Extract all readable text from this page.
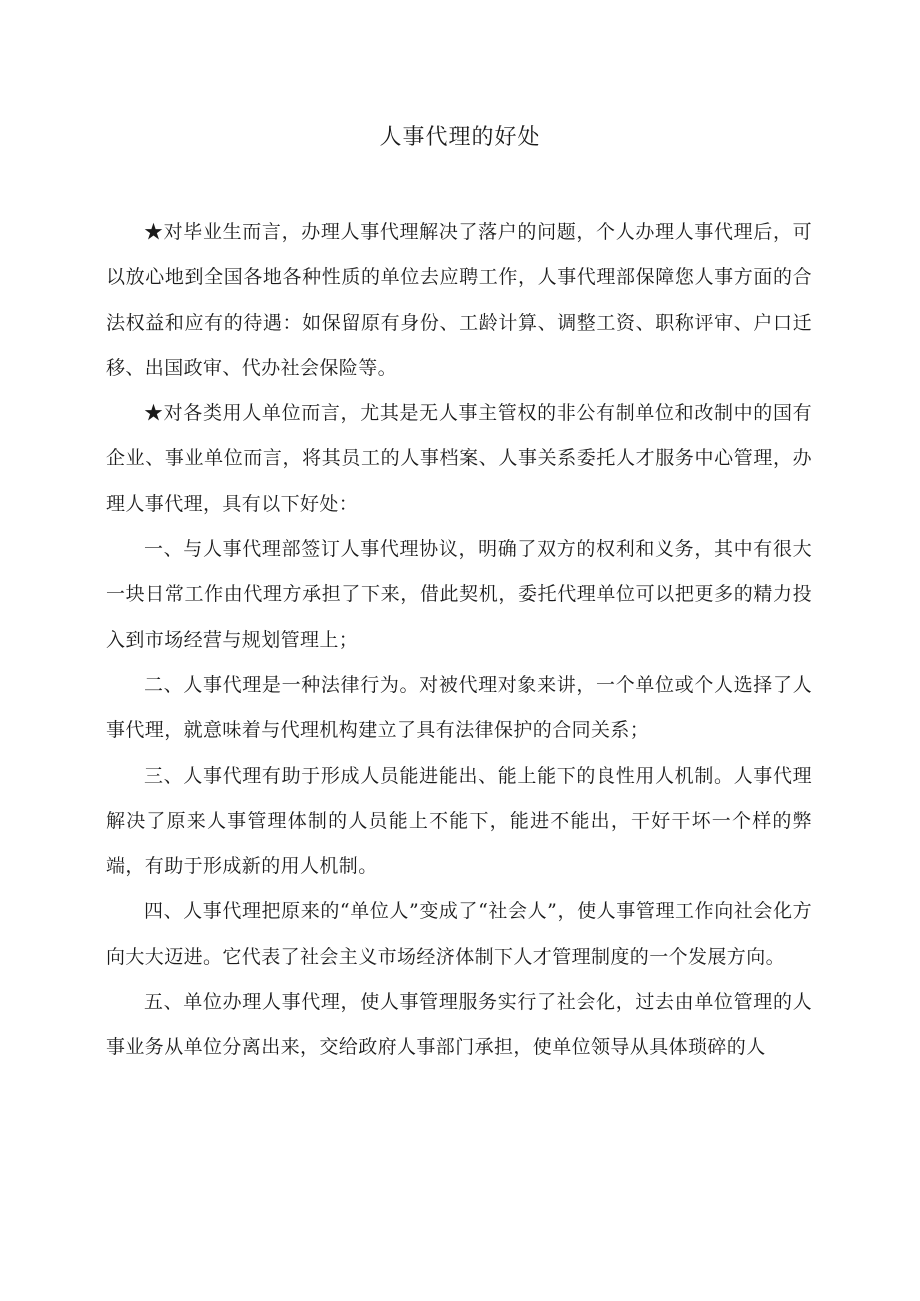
人事代理的好处

★对毕业生而言，办理人事代理解决了落户的问题，个人办理人事代理后，可以放心地到全国各地各种性质的单位去应聘工作，人事代理部保障您人事方面的合法权益和应有的待遇：如保留原有身份、工龄计算、调整工资、职称评审、户口迁移、出国政审、代办社会保险等。

★对各类用人单位而言，尤其是无人事主管权的非公有制单位和改制中的国有企业、事业单位而言，将其员工的人事档案、人事关系委托人才服务中心管理，办理人事代理，具有以下好处：

一、与人事代理部签订人事代理协议，明确了双方的权利和义务，其中有很大一块日常工作由代理方承担了下来，借此契机，委托代理单位可以把更多的精力投入到市场经营与规划管理上；

二、人事代理是一种法律行为。对被代理对象来讲，一个单位或个人选择了人事代理，就意味着与代理机构建立了具有法律保护的合同关系；

三、人事代理有助于形成人员能进能出、能上能下的良性用人机制。人事代理解决了原来人事管理体制的人员能上不能下，能进不能出，干好干坏一个样的弊端，有助于形成新的用人机制。

四、人事代理把原来的“单位人”变成了“社会人”，使人事管理工作向社会化方向大大迈进。它代表了社会主义市场经济体制下人才管理制度的一个发展方向。

五、单位办理人事代理，使人事管理服务实行了社会化，过去由单位管理的人事业务从单位分离出来，交给政府人事部门承担，使单位领导从具体琐碎的人
